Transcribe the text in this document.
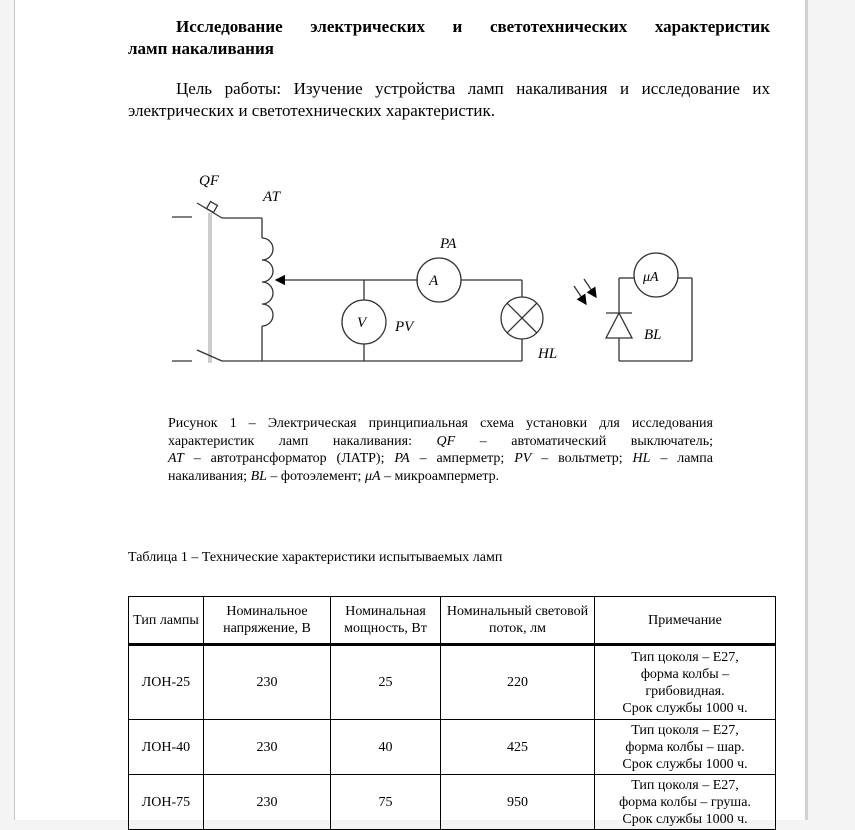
Исследование электрических и светотехнических характеристик
ламп накаливания
Цель работы: Изучение устройства ламп накаливания и исследование их
электрических и светотехнических характеристик.
QF
AT
PA
A
V PV
HL
μA
BL
Рисунок 1 – Электрическая принципиальная схема установки для исследования
характеристик ламп накаливания: QF – автоматический выключатель;
AT – автотрансформатор (ЛАТР); PA – амперметр; PV – вольтметр; HL – лампа
накаливания; BL – фотоэлемент; μA – микроамперметр.
Таблица 1 – Технические характеристики испытываемых ламп
Тип лампы	Номинальное напряжение, В	Номинальная мощность, Вт	Номинальный световой поток, лм	Примечание
ЛОН-25	230	25	220	Тип цоколя – Е27,
форма колбы –
грибовидная.
Срок службы 1000 ч.

ЛОН-40	230	40	425	Тип цоколя – Е27,
форма колбы – шар.
Срок службы 1000 ч.

ЛОН-75	230	75	950	Тип цоколя – Е27,
форма колбы – груша.
Срок службы 1000 ч.
